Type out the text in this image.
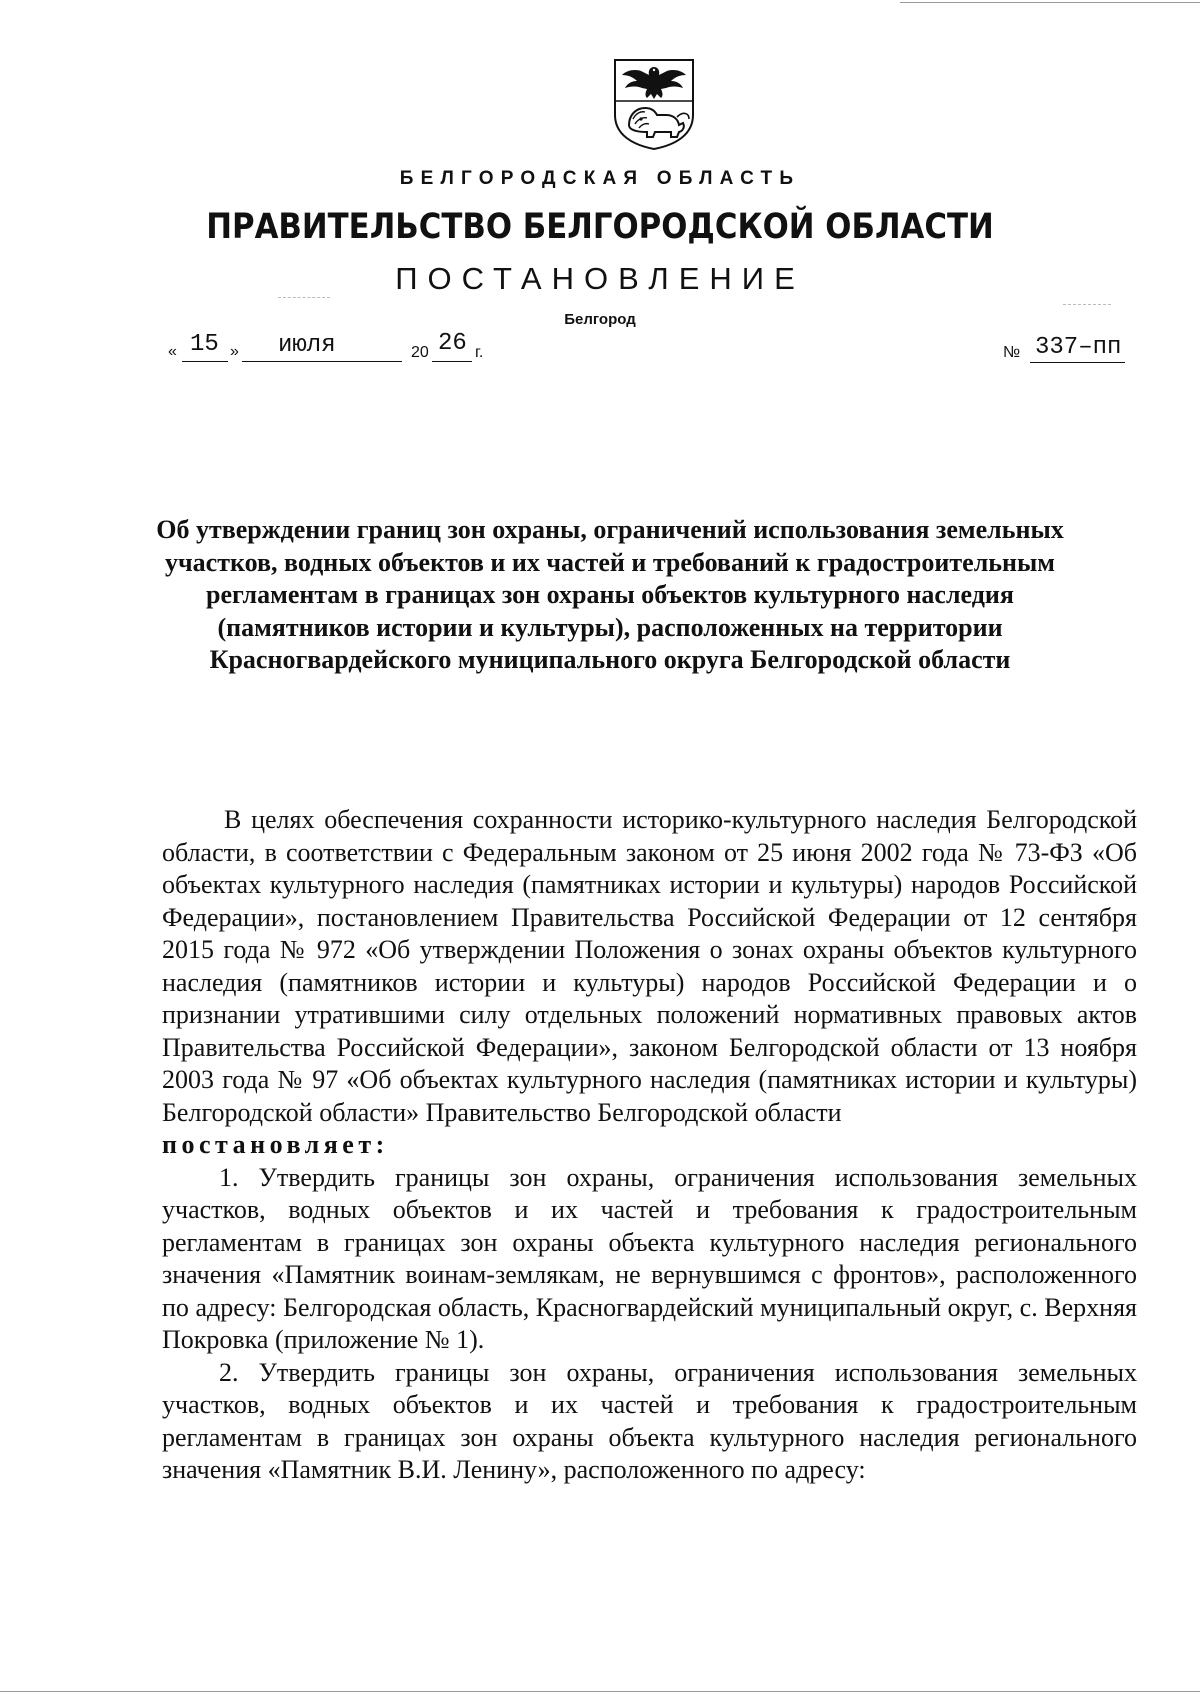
БЕЛГОРОДСКАЯ ОБЛАСТЬ
ПРАВИТЕЛЬСТВО БЕЛГОРОДСКОЙ ОБЛАСТИ
ПОСТАНОВЛЕНИЕ
Белгород
« 15 » июля	20 26 г.	№ 337–пп
Об утверждении границ зон охраны, ограничений использования земельных участков, водных объектов и их частей и требований к градостроительным регламентам в границах зон охраны объектов культурного наследия (памятников истории и культуры), расположенных на территории Красногвардейского муниципального округа Белгородской области

В целях обеспечения сохранности историко-культурного наследия Белгородской области, в соответствии с Федеральным законом от 25 июня 2002 года № 73-ФЗ «Об объектах культурного наследия (памятниках истории и культуры) народов Российской Федерации», постановлением Правительства Российской Федерации от 12 сентября 2015 года № 972 «Об утверждении Положения о зонах охраны объектов культурного наследия (памятников истории и культуры) народов Российской Федерации и о признании утратившими силу отдельных положений нормативных правовых актов Правительства Российской Федерации», законом Белгородской области от 13 ноября 2003 года № 97 «Об объектах культурного наследия (памятниках истории и культуры) Белгородской области» Правительство Белгородской области
постановляет:

1. Утвердить границы зон охраны, ограничения использования земельных участков, водных объектов и их частей и требования к градостроительным регламентам в границах зон охраны объекта культурного наследия регионального значения «Памятник воинам-землякам, не вернувшимся с фронтов», расположенного по адресу: Белгородская область, Красногвардейский муниципальный округ, с. Верхняя Покровка (приложение № 1).

2. Утвердить границы зон охраны, ограничения использования земельных участков, водных объектов и их частей и требования к градостроительным регламентам в границах зон охраны объекта культурного наследия регионального значения «Памятник В.И. Ленину», расположенного по адресу:
